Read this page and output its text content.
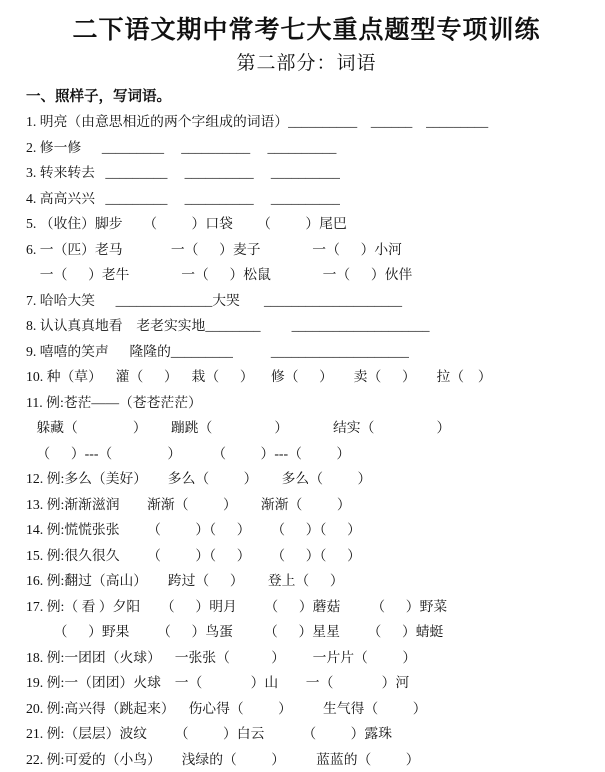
二下语文期中常考七大重点题型专项训练
第二部分：词语
一、照样子，写词语。
1. 明亮（由意思相近的两个字组成的词语）__________    ______    _________
2. 修一修      _________     __________     __________
3. 转来转去   _________     __________     __________
4. 高高兴兴   _________     __________     __________
5. （收住）脚步      （          ）口袋       （          ）尾巴
6. 一（匹）老马              一（      ）麦子               一（      ）小河
一（      ）老牛               一（      ）松鼠               一（      ）伙伴
7. 哈哈大笑      ______________大哭       ____________________
8. 认认真真地看    老老实实地________         ____________________
9. 嘻嘻的笑声      隆隆的_________           ____________________
10. 种（草）    灌（      ）    栽（      ）     修（      ）      卖（      ）      拉（    ）
11. 例:苍茫——（苍苍茫茫）
躲藏（                ）       蹦跳（                  ）             结实（                  ）
（      ）---（                ）         （          ）---（          ）
12. 例:多么（美好）      多么（          ）       多么（          ）
13. 例:渐渐滋润        渐渐（          ）       渐渐（          ）
14. 例:慌慌张张        （          ）（      ）      （      ）（      ）
15. 例:很久很久        （          ）（      ）      （      ）（      ）
16. 例:翻过（高山）      跨过（      ）       登上（      ）
17. 例:（ 看 ）夕阳      （      ）明月        （      ）蘑菇         （      ）野菜
（      ）野果        （      ）鸟蛋         （      ）星星        （      ）蜻蜓
18. 例:一团团（火球）    一张张（            ）        一片片（          ）
19. 例:一（团团）火球    一（              ）山        一（              ）河
20. 例:高兴得（跳起来）    伤心得（          ）         生气得（          ）
21. 例:（层层）波纹        （          ）白云           （          ）露珠
22. 例:可爱的（小鸟）      浅绿的（          ）         蓝蓝的（          ）
